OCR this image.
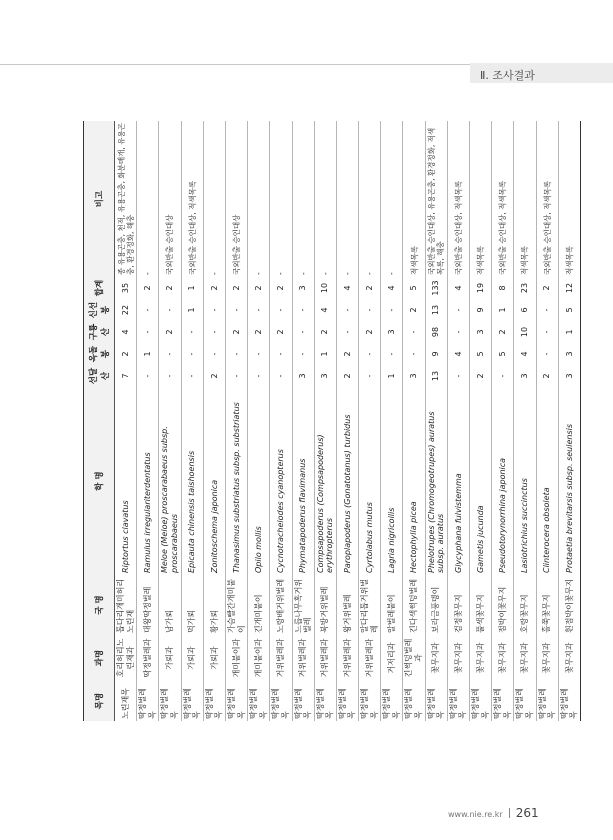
Ⅱ. 조사결과
목명	과명	국 명	학 명	선달산	옥돌봉	구룡산	신선봉	합계	비고
노린재목	호리허리노린재과	톱다리개미허리노린재	Riptortus clavatus	7	2	4	22	35	종 유용곤충, 천적, 유용곤충, 화분매개, 유용곤충, 환경정화, 해충
딱정벌레목	딱정벌레과	대왕딱정벌레	Ramulus irregulariterdentatus	-	1	-	-	2	-
딱정벌레목	가뢰과	남가뢰	Meloe (Meloe) proscarabaeus subsp. proscarabaeus	-	-	2	-	2	국외반출 승인대상
딱정벌레목	가뢰과	먹가뢰	Epicauta chinensis taishoensis	-	-	-	1	1	국외반출 승인대상, 적색목록
딱정벌레목	가뢰과	황가뢰	Zonitoschema japonica	2	-	-	-	2	-
딱정벌레목	개미붙이과	가슴빨간개미붙이	Thanasimus substriatus subsp. substriatus	-	-	2	-	2	국외반출 승인대상
딱정벌레목	개미붙이과	긴개미붙이	Opilo mollis	-	-	2	-	2	-
딱정벌레목	거위벌레과	노랑배거위벌레	Cycnotrachelodes cyanopterus	-	-	2	-	2	-
딱정벌레목	거위벌레과	느릅나무혹거위벌레	Phymatapoderus flavimanus	3	-	-	-	3	-
딱정벌레목	거위벌레과	북방거위벌레	Compsapoderus (Compsapoderus) erythropterus	3	1	2	4	10	-
딱정벌레목	거위벌레과	왕거위벌레	Paroplapoderus (Gonatotanus) turbidus	2	2	-	-	4	-
딱정벌레목	거위벌레과	알다리톱거위벌레	Cyrtolabus mutus	-	-	2	-	2	-
딱정벌레목	거저리과	알벌레붙이	Lagria nigricollis	1	-	3	-	4	-
딱정벌레목	긴썩덩벌레과	긴다색썩덩벌레	Hectophylla picea	3	-	-	2	5	적색목록
딱정벌레목	꽃무지과	보라금풍뎅이	Phelotrupes (Chromogeotrupes) auratus subsp. auratus	13	9	98	13	133	국외반출 승인대상, 유용곤충, 환경정화, 적색목록, 해충
딱정벌레목	꽃무지과	검정꽃무지	Glycyphana fulvistemma	-	4	-	-	4	국외반출 승인대상, 적색목록
딱정벌레목	꽃무지과	풀색꽃무지	Gametis jucunda	2	5	3	9	19	적색목록
딱정벌레목	꽃무지과	점박이꽃무지	Pseudotorynorrhina japonica	-	5	2	1	8	국외반출 승인대상, 적색목록
딱정벌레목	꽃무지과	호랑꽃무지	Lasiotrichius succinctus	3	4	10	6	23	적색목록
딱정벌레목	꽃무지과	홀쭉꽃무지	Clinterocera obsoleta	2	-	-	-	2	국외반출 승인대상, 적색목록
딱정벌레목	꽃무지과	흰점박이꽃무지	Protaetia brevitarsis subsp. seulensis	3	3	1	5	12	적색목록
www.nie.re.kr 261
